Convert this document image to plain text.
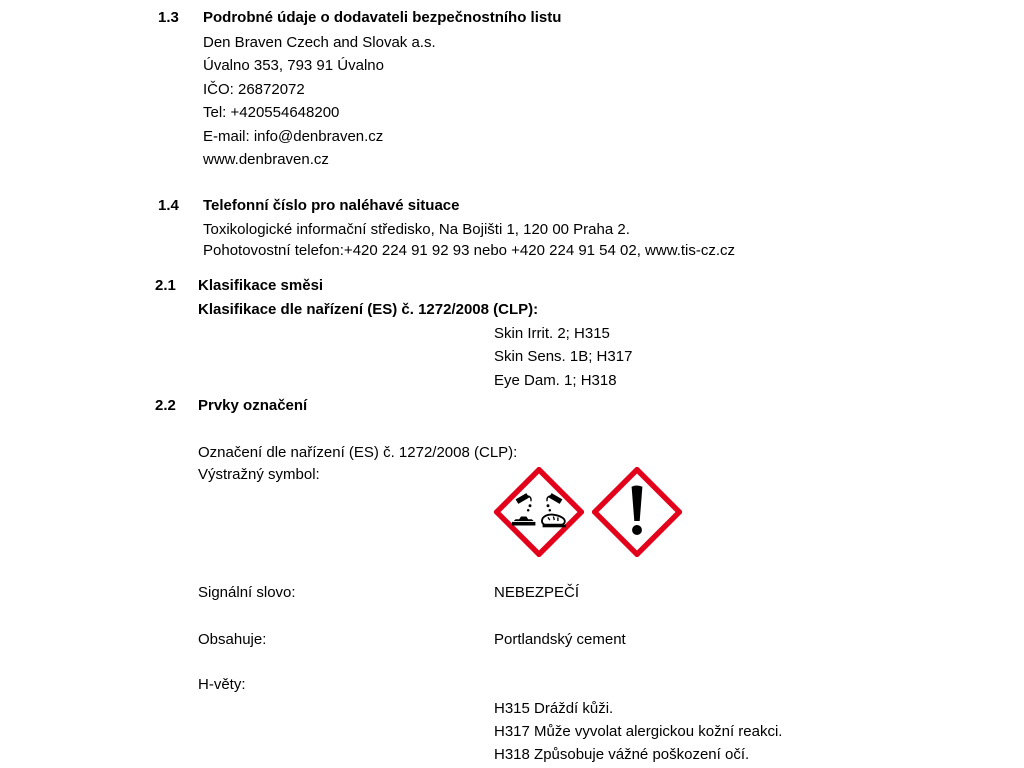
1.3 Podrobné údaje o dodavateli bezpečnostního listu
Den Braven Czech and Slovak a.s.
Úvalno 353, 793 91 Úvalno
IČO: 26872072
Tel: +420554648200
E-mail: info@denbraven.cz
www.denbraven.cz
1.4 Telefonní číslo pro naléhavé situace
Toxikologické informační středisko, Na Bojišti 1, 120 00 Praha 2.
Pohotovostní telefon:+420 224 91 92 93 nebo +420 224 91 54 02, www.tis-cz.cz
2.1 Klasifikace směsi
Klasifikace dle nařízení (ES) č. 1272/2008 (CLP):
Skin Irrit. 2; H315
Skin Sens. 1B; H317
Eye Dam. 1; H318
2.2 Prvky označení
Označení dle nařízení (ES) č. 1272/2008 (CLP):
Výstražný symbol:
Signální slovo:	NEBEZPEČÍ
Obsahuje:	Portlandský cement
H-věty:
H315 Dráždí kůži.
H317 Může vyvolat alergickou kožní reakci.
H318 Způsobuje vážné poškození očí.
